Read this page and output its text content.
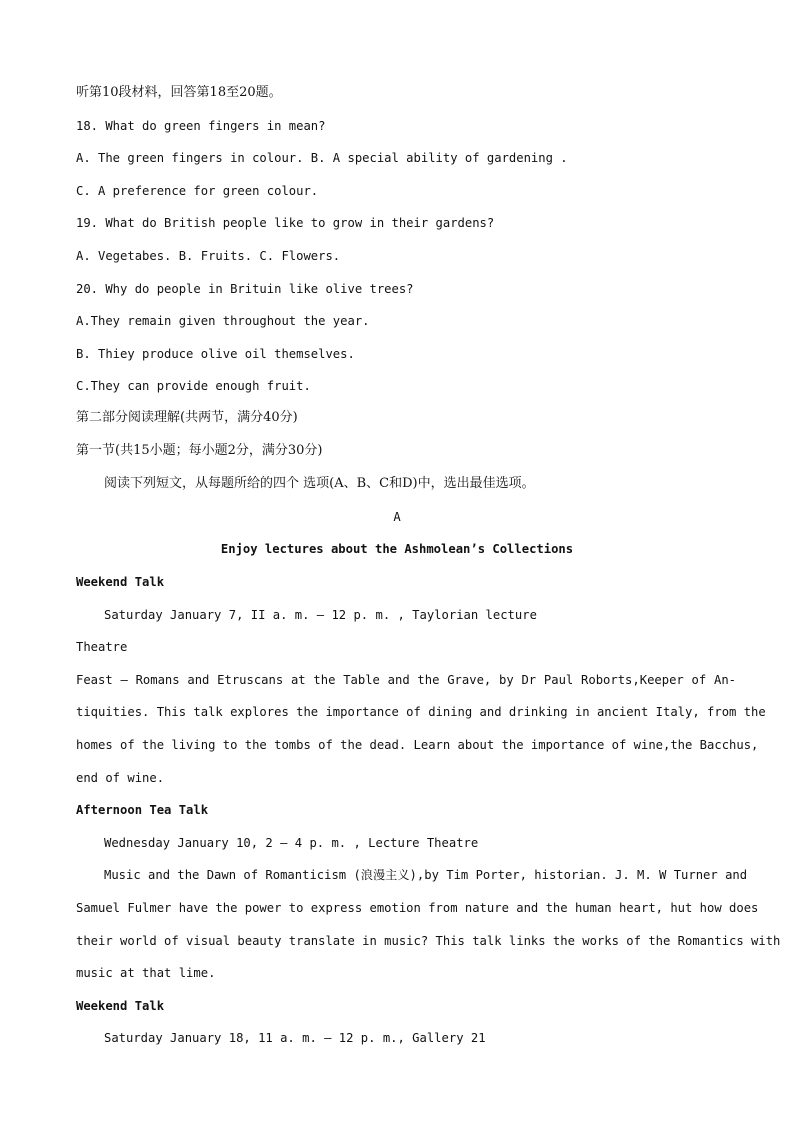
听第10段材料，回答第18至20题。

18. What do green fingers in mean?

A. The green fingers in colour. B. A special ability of gardening .

C. A preference for green colour.

19. What do British people like to grow in their gardens?

A. Vegetabes. B. Fruits. C. Flowers.

20. Why do people in Brituin like olive trees?

A.They remain given throughout the year.

B. Thiey produce olive oil themselves.

C.They can provide enough fruit.

第二部分阅读理解(共两节，满分40分)

第一节(共15小题；每小题2分，满分30分)

阅读下列短文，从每题所给的四个 选项(A、B、C和D)中，选出最佳选项。

A

Enjoy lectures about the Ashmolean’s Collections

Weekend Talk

Saturday January 7, II a. m. — 12 p. m. , Taylorian lecture

Theatre

Feast — Romans and Etruscans at the Table and the Grave, by Dr Paul Roborts,Keeper of An-

tiquities. This talk explores the importance of dining and drinking in ancient Italy, from the

homes of the living to the tombs of the dead. Learn about the importance of wine,the Bacchus,

end of wine.

Afternoon Tea Talk

Wednesday January 10, 2 — 4 p. m. , Lecture Theatre

Music and the Dawn of Romanticism (浪漫主义),by Tim Porter, historian. J. M. W Turner and

Samuel Fulmer have the power to express emotion from nature and the human heart, hut how does

their world of visual beauty translate in music? This talk links the works of the Romantics with

music at that lime.

Weekend Talk

Saturday January 18, 11 a. m. — 12 p. m., Gallery 21
